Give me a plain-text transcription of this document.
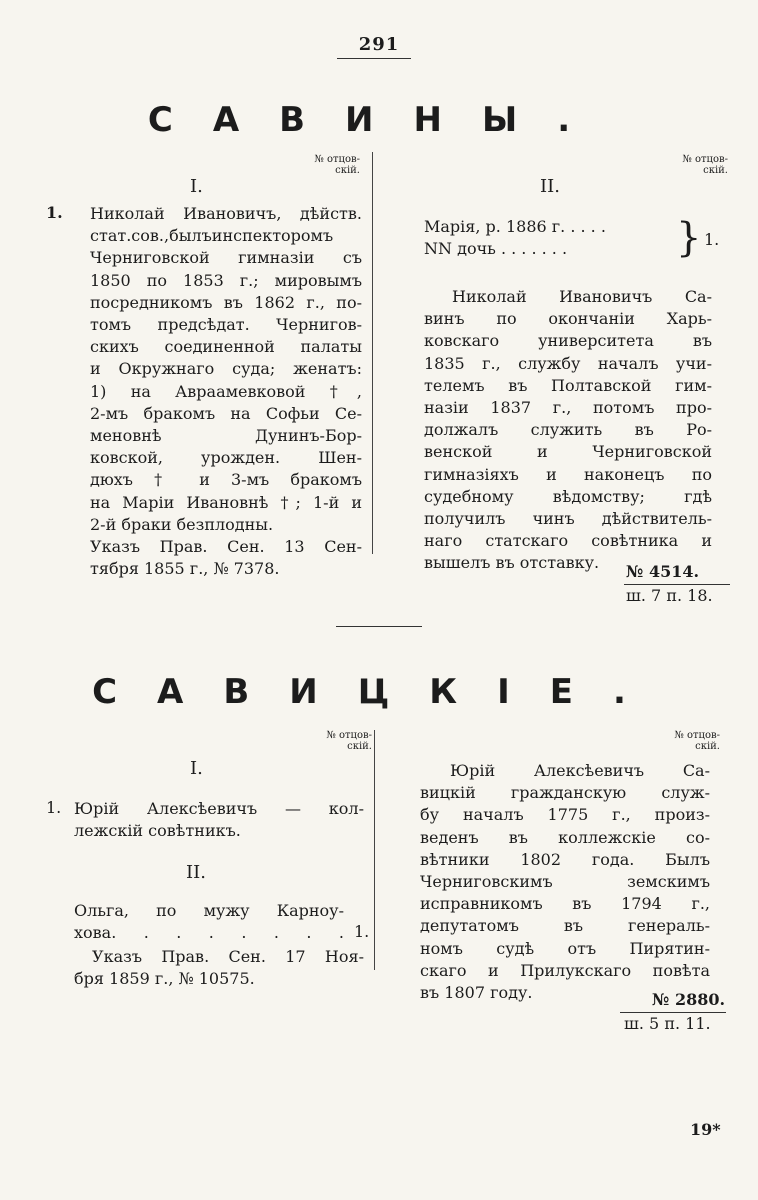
291
САВИНЫ.
№ отцов-
скій.
I.
1. Николай Ивановичъ, дѣйств.
стат.сов.,былъинспекторомъ
Черниговской гимназіи съ
1850 по 1853 г.; мировымъ
посредникомъ въ 1862 г., по-
томъ предсѣдат. Чернигов-
скихъ соединенной палаты
и Окружнаго суда; женатъ:
1) на Авраамевковой †,
2-мъ бракомъ на Софьи Се-
меновнѣ Дунинъ-Бор-
ковской, урожден. Шен-
дюхъ † и 3-мъ бракомъ
на Маріи Ивановнѣ †; 1-й и
2-й браки безплодны.
Указъ Прав. Сен. 13 Сен-
тября 1855 г., № 7378.
№ отцов-
скій.
II.
Марія, р. 1886 г. . . . .
NN дочь . . . . . . .	} 1.
Николай Ивановичъ Са-
винъ по окончаніи Харь-
ковскаго университета въ
1835 г., службу началъ учи-
телемъ въ Полтавской гим-
назіи 1837 г., потомъ про-
должалъ служить въ Ро-
венской и Черниговской
гимназіяхъ и наконецъ по
судебному вѣдомству; гдѣ
получилъ чинъ дѣйствитель-
наго статскаго совѣтника и
вышелъ въ отставку.	№ 4514.
ш. 7 п. 18.
САВИЦКІЕ.
№ отцов-
скій.
I.
1. Юрій Алексѣевичъ — кол-
лежскій совѣтникъ.
II.
Ольга, по мужу Карноу-
хова. . . . . . . . 1.
Указъ Прав. Сен. 17 Ноя-
бря 1859 г., № 10575.
№ отцов-
скій.
Юрій Алексѣевичъ Са-
вицкій гражданскую служ-
бу началъ 1775 г., произ-
веденъ въ коллежскіе со-
вѣтники 1802 года. Былъ
Черниговскимъ земскимъ
исправникомъ въ 1794 г.,
депутатомъ въ генераль-
номъ судѣ отъ Пирятин-
скаго и Прилукскаго повѣта
въ 1807 году.	№ 2880.
ш. 5 п. 11.
19*
